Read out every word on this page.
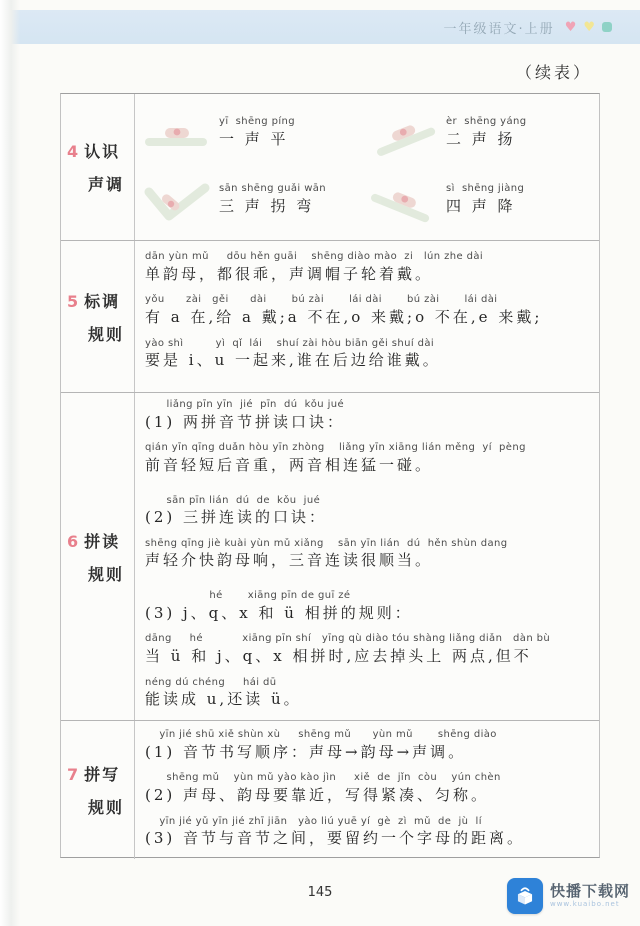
一年级语文·上册 ♥ ♥
（续表）
4 认识
声调
yī  shēng píng
一 声 平
èr  shēng yáng
二 声 扬
sān shēng guǎi wān
三 声 拐 弯
sì  shēng jiàng
四 声 降
5 标调
规则
dān yùn mǔ     dōu hěn guāi    shēng diào mào  zi   lún zhe dài
单韵母，都很乖，声调帽子轮着戴。
yǒu      zài   gěi      dài       bú zài       lái dài       bú zài       lái dài
有 a 在,给 a 戴;a 不在,o 来戴;o 不在,e 来戴;
yào shì         yì  qǐ  lái    shuí zài hòu biān gěi shuí dài
要是 i、u 一起来,谁在后边给谁戴。
6 拼读
规则
liǎng pīn yīn  jié  pīn  dú  kǒu jué
(1) 两拼音节拼读口诀：
qián yīn qīng duǎn hòu yīn zhòng    liǎng yīn xiāng lián měng  yí  pèng
前音轻短后音重，两音相连猛一碰。
sān pīn lián  dú  de  kǒu  jué
(2) 三拼连读的口诀：
shēng qīng jiè kuài yùn mǔ xiǎng    sān yīn lián  dú  hěn shùn dang
声轻介快韵母响，三音连读很顺当。
hé       xiāng pīn de guī zé
(3) j、q、x 和 ü 相拼的规则：
dāng     hé           xiāng pīn shí   yīng qù diào tóu shàng liǎng diǎn   dàn bù
当 ü 和 j、q、x 相拼时,应去掉头上 两点,但不
néng dú chéng     hái dū
能读成 u,还读 ü。
7 拼写
规则
yīn jié shū xiě shùn xù     shēng mǔ      yùn mǔ       shēng diào
(1) 音节书写顺序：声母→韵母→声调。
shēng mǔ    yùn mǔ yào kào jìn     xiě  de  jǐn  còu    yún chèn
(2) 声母、韵母要靠近，写得紧凑、匀称。
yīn jié yǔ yīn jié zhī jiān   yào liú yuē yí  gè  zì  mǔ  de  jù  lí
(3) 音节与音节之间，要留约一个字母的距离。
145	快播下载网
www.kuaibo.net
